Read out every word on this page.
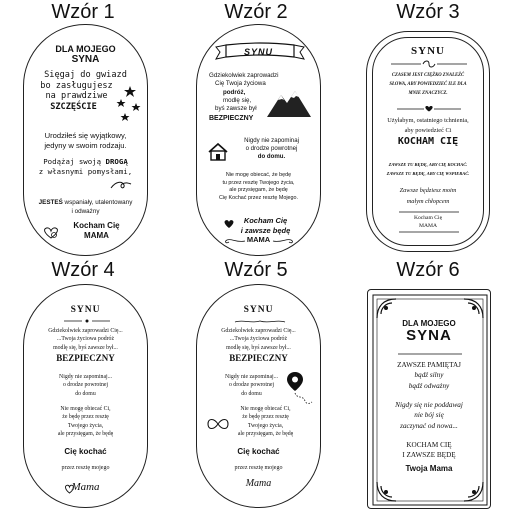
Wzór 1	Wzór 2	Wzór 3
Wzór 4	Wzór 5	Wzór 6
DLA MOJEGO
SYNA
Sięgaj do gwiazd
bo zasługujesz
na prawdziwe
SZCZĘŚCIE
Urodziłeś się wyjątkowy,
jedyny w swoim rodzaju.
Podążaj swoją DROGĄ
z własnymi pomysłami,
JESTEŚ wspaniały, utalentowany
i odważny
Kocham Cię
MAMA
SYNU
Gdziekolwiek zaprowadzi
Cię Twoja życiowa
podróż,
modlę się,
byś zawsze był
BEZPIECZNY
Nigdy nie zapominaj
o drodze powrotnej
do domu.
Nie mogę obiecać, że będę
tu przez resztę Twojego życia,
ale przysięgam, że będę
Cię Kochać przez resztę Mojego.
Kocham Cię
i zawsze będę
MAMA
SYNU
CZASEM JEST CIĘŻKO ZNALEŹĆ
SŁOWA, ABY POWIEDZIEĆ ILE DLA
MNIE ZNACZYCZ.
Użyłabym, ostatniego tchnienia,
aby powiedzieć Ci
KOCHAM CIĘ
ZAWSZE TU BĘDĘ, ABY CIĘ KOCHAĆ.
ZAWSZE TU BĘDĘ, ABY CIĘ WSPIERAĆ.
Zawsze będziesz moim
małym chłopcem
Kocham Cię
MAMA
SYNU
Gdziekolwiek zaprowadzi Cię...
...Twoja życiowa podróż
modlę się, byś zawsze był...
BEZPIECZNY
Nigdy nie zapominaj...
o drodze powrotnej
do domu
Nie mogę obiecać Ci,
że będę przez resztę
Twojego życia,
ale przysięgam, że będę
Cię kochać
przez resztę mojego
Mama
SYNU
Gdziekolwiek zaprowadzi Cię...
...Twoja życiowa podróż
modlę się, byś zawsze był...
BEZPIECZNY
Nigdy nie zapominaj...
o drodze powrotnej
do domu
Nie mogę obiecać Ci,
że będę przez resztę
Twojego życia,
ale przysięgam, że będę
Cię kochać
przez resztę mojego
Mama
DLA MOJEGO
SYNA
ZAWSZE PAMIĘTAJ
bądź silny
bądź odważny
Nigdy się nie poddawaj
nie bój się
zaczynać od nowa...
KOCHAM CIĘ
I ZAWSZE BĘDĘ
Twoja Mama
